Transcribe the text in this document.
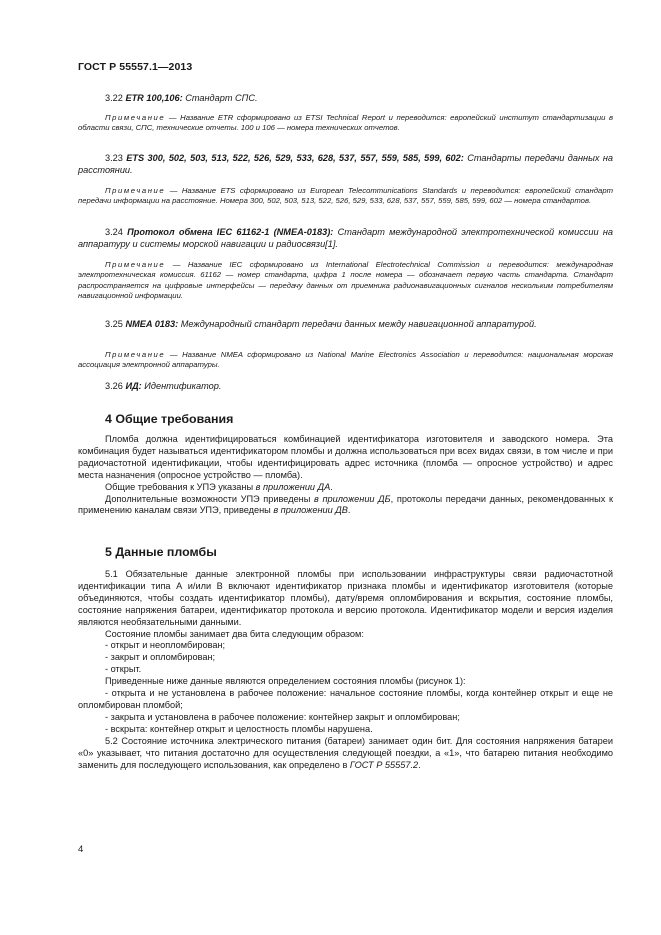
ГОСТ Р 55557.1—2013

3.22 ETR 100,106: Стандарт СПС.

Примечание — Название ETR сформировано из ETSI Technical Report и переводится: европейский институт стандартизации в области связи, СПС, технические отчеты. 100 и 106 — номера технических отчетов.

3.23 ETS 300, 502, 503, 513, 522, 526, 529, 533, 628, 537, 557, 559, 585, 599, 602: Стандарты передачи данных на расстоянии.

Примечание — Название ETS сформировано из European Telecommunications Standards и переводится: европейский стандарт передачи информации на расстояние. Номера 300, 502, 503, 513, 522, 526, 529, 533, 628, 537, 557, 559, 585, 599, 602 — номера стандартов.

3.24 Протокол обмена IEC 61162-1 (NMEA-0183): Стандарт международной электротехнической комиссии на аппаратуру и системы морской навигации и радиосвязи[1].

Примечание — Название IEC сформировано из International Electrotechnical Commission и переводится: международная электротехническая комиссия. 61162 — номер стандарта, цифра 1 после номера — обозначает первую часть стандарта. Стандарт распространяется на цифровые интерфейсы — передачу данных от приемника радионавигационных сигналов нескольким потребителям навигационной информации.

3.25 NMEA 0183: Международный стандарт передачи данных между навигационной аппаратурой.

Примечание — Название NMEA сформировано из National Marine Electronics Association и переводится: национальная морская ассоциация электронной аппаратуры.

3.26 ИД: Идентификатор.

4 Общие требования

Пломба должна идентифицироваться комбинацией идентификатора изготовителя и заводского номера. Эта комбинация будет называться идентификатором пломбы и должна использоваться при всех видах связи, в том числе и при радиочастотной идентификации, чтобы идентифицировать адрес источника (пломба — опросное устройство) и адрес места назначения (опросное устройство — пломба).

Общие требования к УПЭ указаны в приложении ДА.

Дополнительные возможности УПЭ приведены в приложении ДБ, протоколы передачи данных, рекомендованных к применению каналам связи УПЭ, приведены в приложении ДВ.

5 Данные пломбы

5.1 Обязательные данные электронной пломбы при использовании инфраструктуры связи радиочастотной идентификации типа А и/или В включают идентификатор признака пломбы и идентификатор изготовителя (которые объединяются, чтобы создать идентификатор пломбы), дату/время опломбирования и вскрытия, состояние пломбы, состояние напряжения батареи, идентификатор протокола и версию протокола. Идентификатор модели и версия изделия являются необязательными данными.

Состояние пломбы занимает два бита следующим образом:

- открыт и неопломбирован;

- закрыт и опломбирован;

- открыт.

Приведенные ниже данные являются определением состояния пломбы (рисунок 1):

- открыта и не установлена в рабочее положение: начальное состояние пломбы, когда контейнер открыт и еще не опломбирован пломбой;

- закрыта и установлена в рабочее положение: контейнер закрыт и опломбирован;

- вскрыта: контейнер открыт и целостность пломбы нарушена.

5.2 Состояние источника электрического питания (батареи) занимает один бит. Для состояния напряжения батареи «0» указывает, что питания достаточно для осуществления следующей поездки, а «1», что батарею питания необходимо заменить для последующего использования, как определено в ГОСТ Р 55557.2.

4
